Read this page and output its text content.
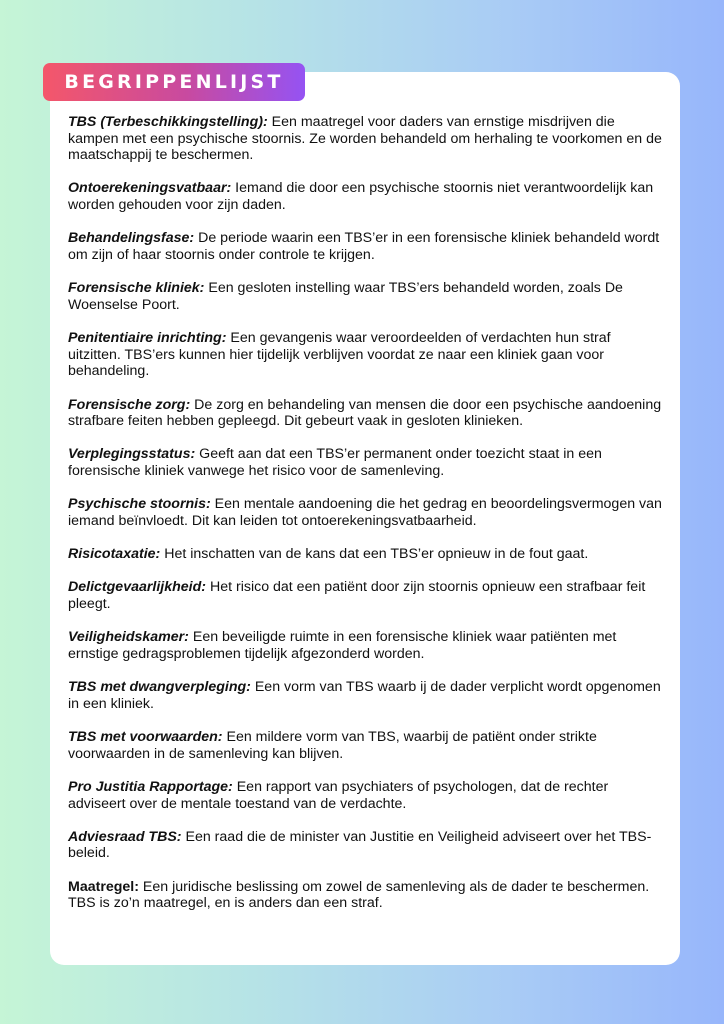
BEGRIPPENLIJST

TBS (Terbeschikkingstelling): Een maatregel voor daders van ernstige misdrijven die kampen met een psychische stoornis. Ze worden behandeld om herhaling te voorkomen en de maatschappij te beschermen.

Ontoerekeningsvatbaar: Iemand die door een psychische stoornis niet verantwoordelijk kan worden gehouden voor zijn daden.

Behandelingsfase: De periode waarin een TBS’er in een forensische kliniek behandeld wordt om zijn of haar stoornis onder controle te krijgen.

Forensische kliniek: Een gesloten instelling waar TBS’ers behandeld worden, zoals De Woenselse Poort.

Penitentiaire inrichting: Een gevangenis waar veroordeelden of verdachten hun straf uitzitten. TBS’ers kunnen hier tijdelijk verblijven voordat ze naar een kliniek gaan voor behandeling.

Forensische zorg: De zorg en behandeling van mensen die door een psychische aandoening strafbare feiten hebben gepleegd. Dit gebeurt vaak in gesloten klinieken.

Verplegingsstatus: Geeft aan dat een TBS’er permanent onder toezicht staat in een forensische kliniek vanwege het risico voor de samenleving.

Psychische stoornis: Een mentale aandoening die het gedrag en beoordelingsvermogen van iemand beïnvloedt. Dit kan leiden tot ontoerekeningsvatbaarheid.

Risicotaxatie: Het inschatten van de kans dat een TBS’er opnieuw in de fout gaat.

Delictgevaarlijkheid: Het risico dat een patiënt door zijn stoornis opnieuw een strafbaar feit pleegt.

Veiligheidskamer: Een beveiligde ruimte in een forensische kliniek waar patiënten met ernstige gedragsproblemen tijdelijk afgezonderd worden.

TBS met dwangverpleging: Een vorm van TBS waarb ij de dader verplicht wordt opgenomen in een kliniek.

TBS met voorwaarden: Een mildere vorm van TBS, waarbij de patiënt onder strikte voorwaarden in de samenleving kan blijven.

Pro Justitia Rapportage: Een rapport van psychiaters of psychologen, dat de rechter adviseert over de mentale toestand van de verdachte.

Adviesraad TBS: Een raad die de minister van Justitie en Veiligheid adviseert over het TBS-beleid.

Maatregel: Een juridische beslissing om zowel de samenleving als de dader te beschermen. TBS is zo’n maatregel, en is anders dan een straf.
